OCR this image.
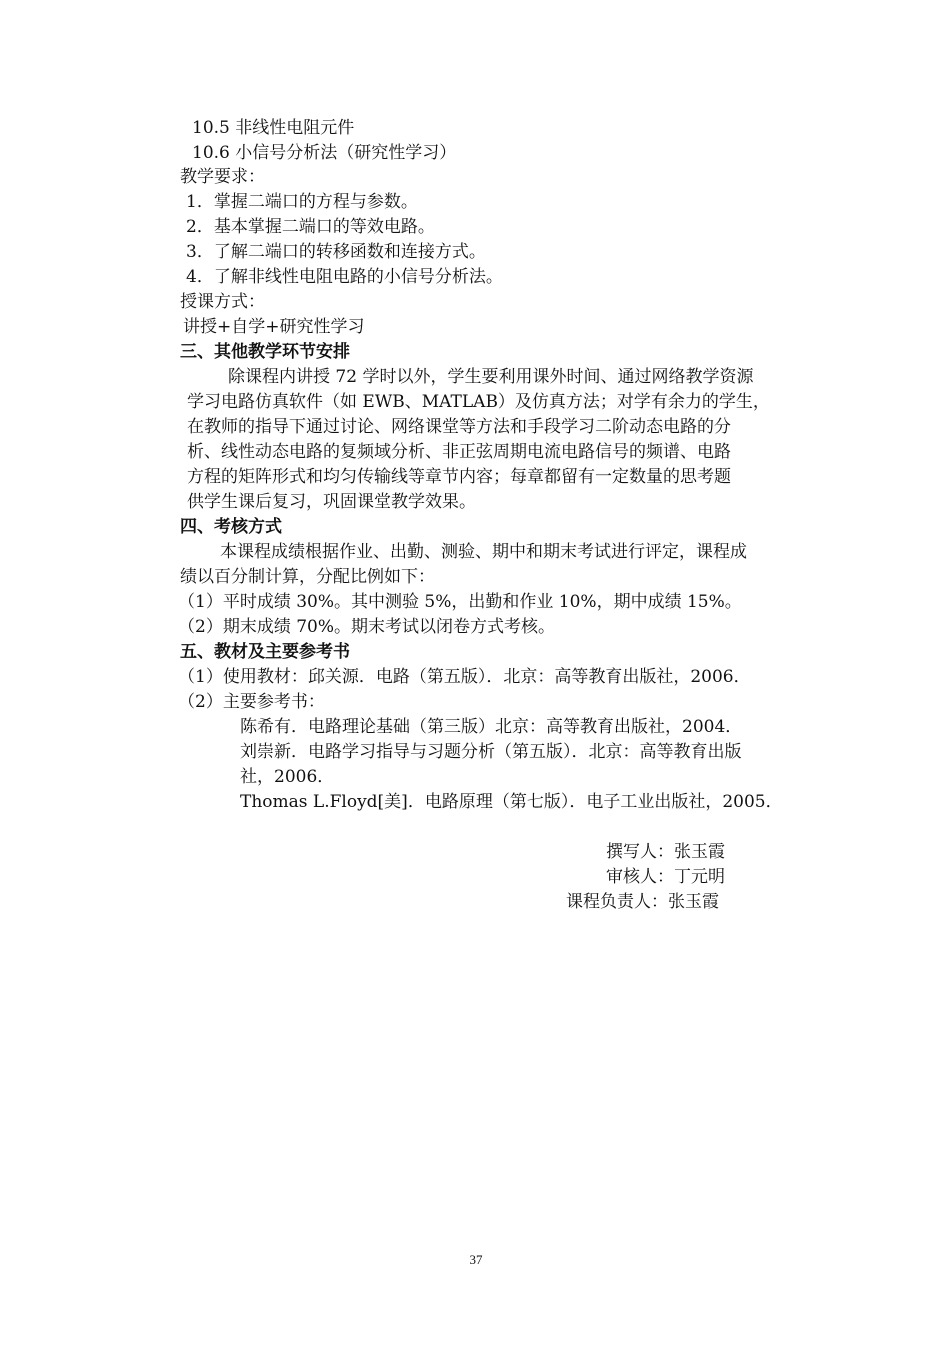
10.5 非线性电阻元件
10.6 小信号分析法（研究性学习）
教学要求：
1．掌握二端口的方程与参数。
2．基本掌握二端口的等效电路。
3．了解二端口的转移函数和连接方式。
4．了解非线性电阻电路的小信号分析法。
授课方式：
讲授+自学+研究性学习
三、其他教学环节安排
除课程内讲授 72 学时以外，学生要利用课外时间、通过网络教学资源
学习电路仿真软件（如 EWB、MATLAB）及仿真方法；对学有余力的学生，
在教师的指导下通过讨论、网络课堂等方法和手段学习二阶动态电路的分
析、线性动态电路的复频域分析、非正弦周期电流电路信号的频谱、电路
方程的矩阵形式和均匀传输线等章节内容；每章都留有一定数量的思考题
供学生课后复习，巩固课堂教学效果。
四、考核方式
本课程成绩根据作业、出勤、测验、期中和期末考试进行评定，课程成
绩以百分制计算，分配比例如下：
（1）平时成绩 30%。其中测验 5%，出勤和作业 10%，期中成绩 15%。
（2）期末成绩 70%。期末考试以闭卷方式考核。
五、教材及主要参考书
（1）使用教材：邱关源．电路（第五版）．北京：高等教育出版社，2006．
（2）主要参考书：
陈希有．电路理论基础（第三版）北京：高等教育出版社，2004．
刘崇新．电路学习指导与习题分析（第五版）．北京：高等教育出版
社，2006．
Thomas L.Floyd[美]．电路原理（第七版）．电子工业出版社，2005．
撰写人：张玉霞
审核人：丁元明
课程负责人：张玉霞
37
